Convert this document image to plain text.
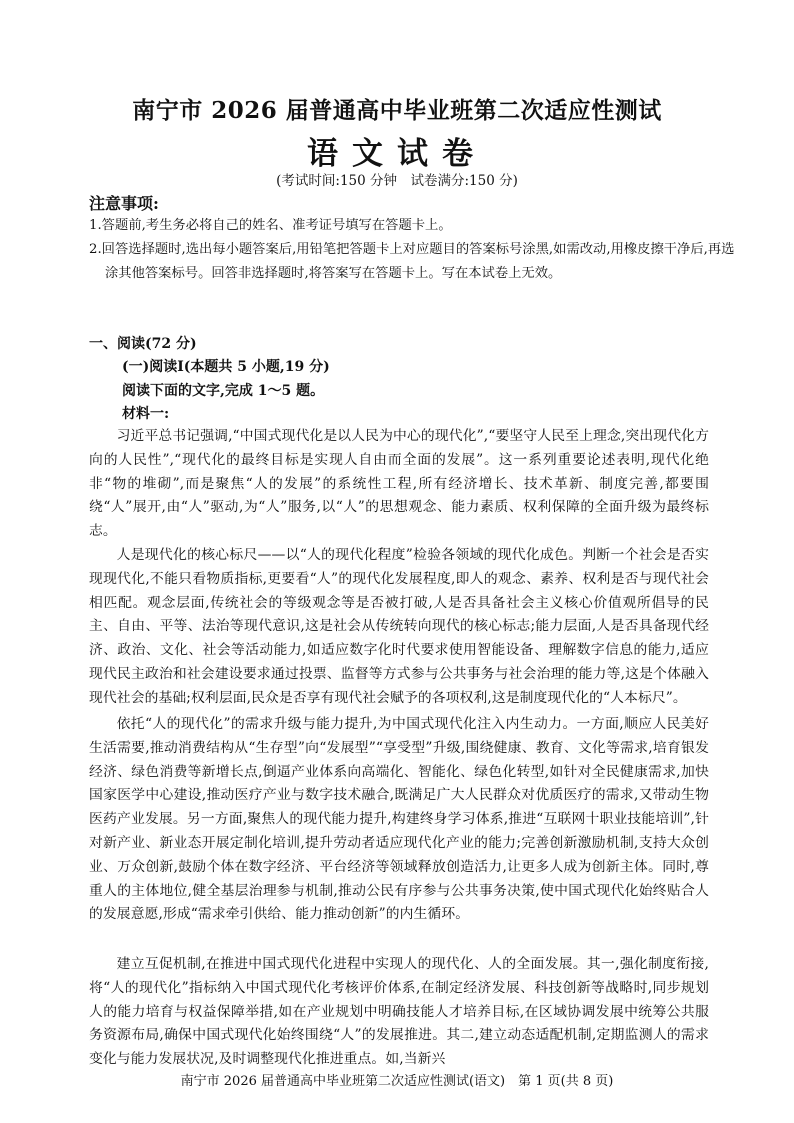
南宁市 2026 届普通高中毕业班第二次适应性测试
语文试卷
(考试时间:150 分钟　试卷满分:150 分)
注意事项:
1.答题前,考生务必将自己的姓名、准考证号填写在答题卡上。
2.回答选择题时,选出每小题答案后,用铅笔把答题卡上对应题目的答案标号涂黑,如需改动,用橡皮擦干净后,再选涂其他答案标号。回答非选择题时,将答案写在答题卡上。写在本试卷上无效。
一、阅读(72 分)
(一)阅读Ⅰ(本题共 5 小题,19 分)
阅读下面的文字,完成 1～5 题。
材料一:
习近平总书记强调,“中国式现代化是以人民为中心的现代化”,“要坚守人民至上理念,突出现代化方向的人民性”,“现代化的最终目标是实现人自由而全面的发展”。这一系列重要论述表明,现代化绝非“物的堆砌”,而是聚焦“人的发展”的系统性工程,所有经济增长、技术革新、制度完善,都要围绕“人”展开,由“人”驱动,为“人”服务,以“人”的思想观念、能力素质、权利保障的全面升级为最终标志。
人是现代化的核心标尺——以“人的现代化程度”检验各领域的现代化成色。判断一个社会是否实现现代化,不能只看物质指标,更要看“人”的现代化发展程度,即人的观念、素养、权利是否与现代社会相匹配。观念层面,传统社会的等级观念等是否被打破,人是否具备社会主义核心价值观所倡导的民主、自由、平等、法治等现代意识,这是社会从传统转向现代的核心标志;能力层面,人是否具备现代经济、政治、文化、社会等活动能力,如适应数字化时代要求使用智能设备、理解数字信息的能力,适应现代民主政治和社会建设要求通过投票、监督等方式参与公共事务与社会治理的能力等,这是个体融入现代社会的基础;权利层面,民众是否享有现代社会赋予的各项权利,这是制度现代化的“人本标尺”。
依托“人的现代化”的需求升级与能力提升,为中国式现代化注入内生动力。一方面,顺应人民美好生活需要,推动消费结构从“生存型”向“发展型”“享受型”升级,围绕健康、教育、文化等需求,培育银发经济、绿色消费等新增长点,倒逼产业体系向高端化、智能化、绿色化转型,如针对全民健康需求,加快国家医学中心建设,推动医疗产业与数字技术融合,既满足广大人民群众对优质医疗的需求,又带动生物医药产业发展。另一方面,聚焦人的现代能力提升,构建终身学习体系,推进“互联网十职业技能培训”,针对新产业、新业态开展定制化培训,提升劳动者适应现代化产业的能力;完善创新激励机制,支持大众创业、万众创新,鼓励个体在数字经济、平台经济等领域释放创造活力,让更多人成为创新主体。同时,尊重人的主体地位,健全基层治理参与机制,推动公民有序参与公共事务决策,使中国式现代化始终贴合人的发展意愿,形成“需求牵引供给、能力推动创新”的内生循环。
建立互促机制,在推进中国式现代化进程中实现人的现代化、人的全面发展。其一,强化制度衔接,将“人的现代化”指标纳入中国式现代化考核评价体系,在制定经济发展、科技创新等战略时,同步规划人的能力培育与权益保障举措,如在产业规划中明确技能人才培养目标,在区域协调发展中统筹公共服务资源布局,确保中国式现代化始终围绕“人”的发展推进。其二,建立动态适配机制,定期监测人的需求变化与能力发展状况,及时调整现代化推进重点。如,当新兴
南宁市 2026 届普通高中毕业班第二次适应性测试(语文)　第 1 页(共 8 页)
